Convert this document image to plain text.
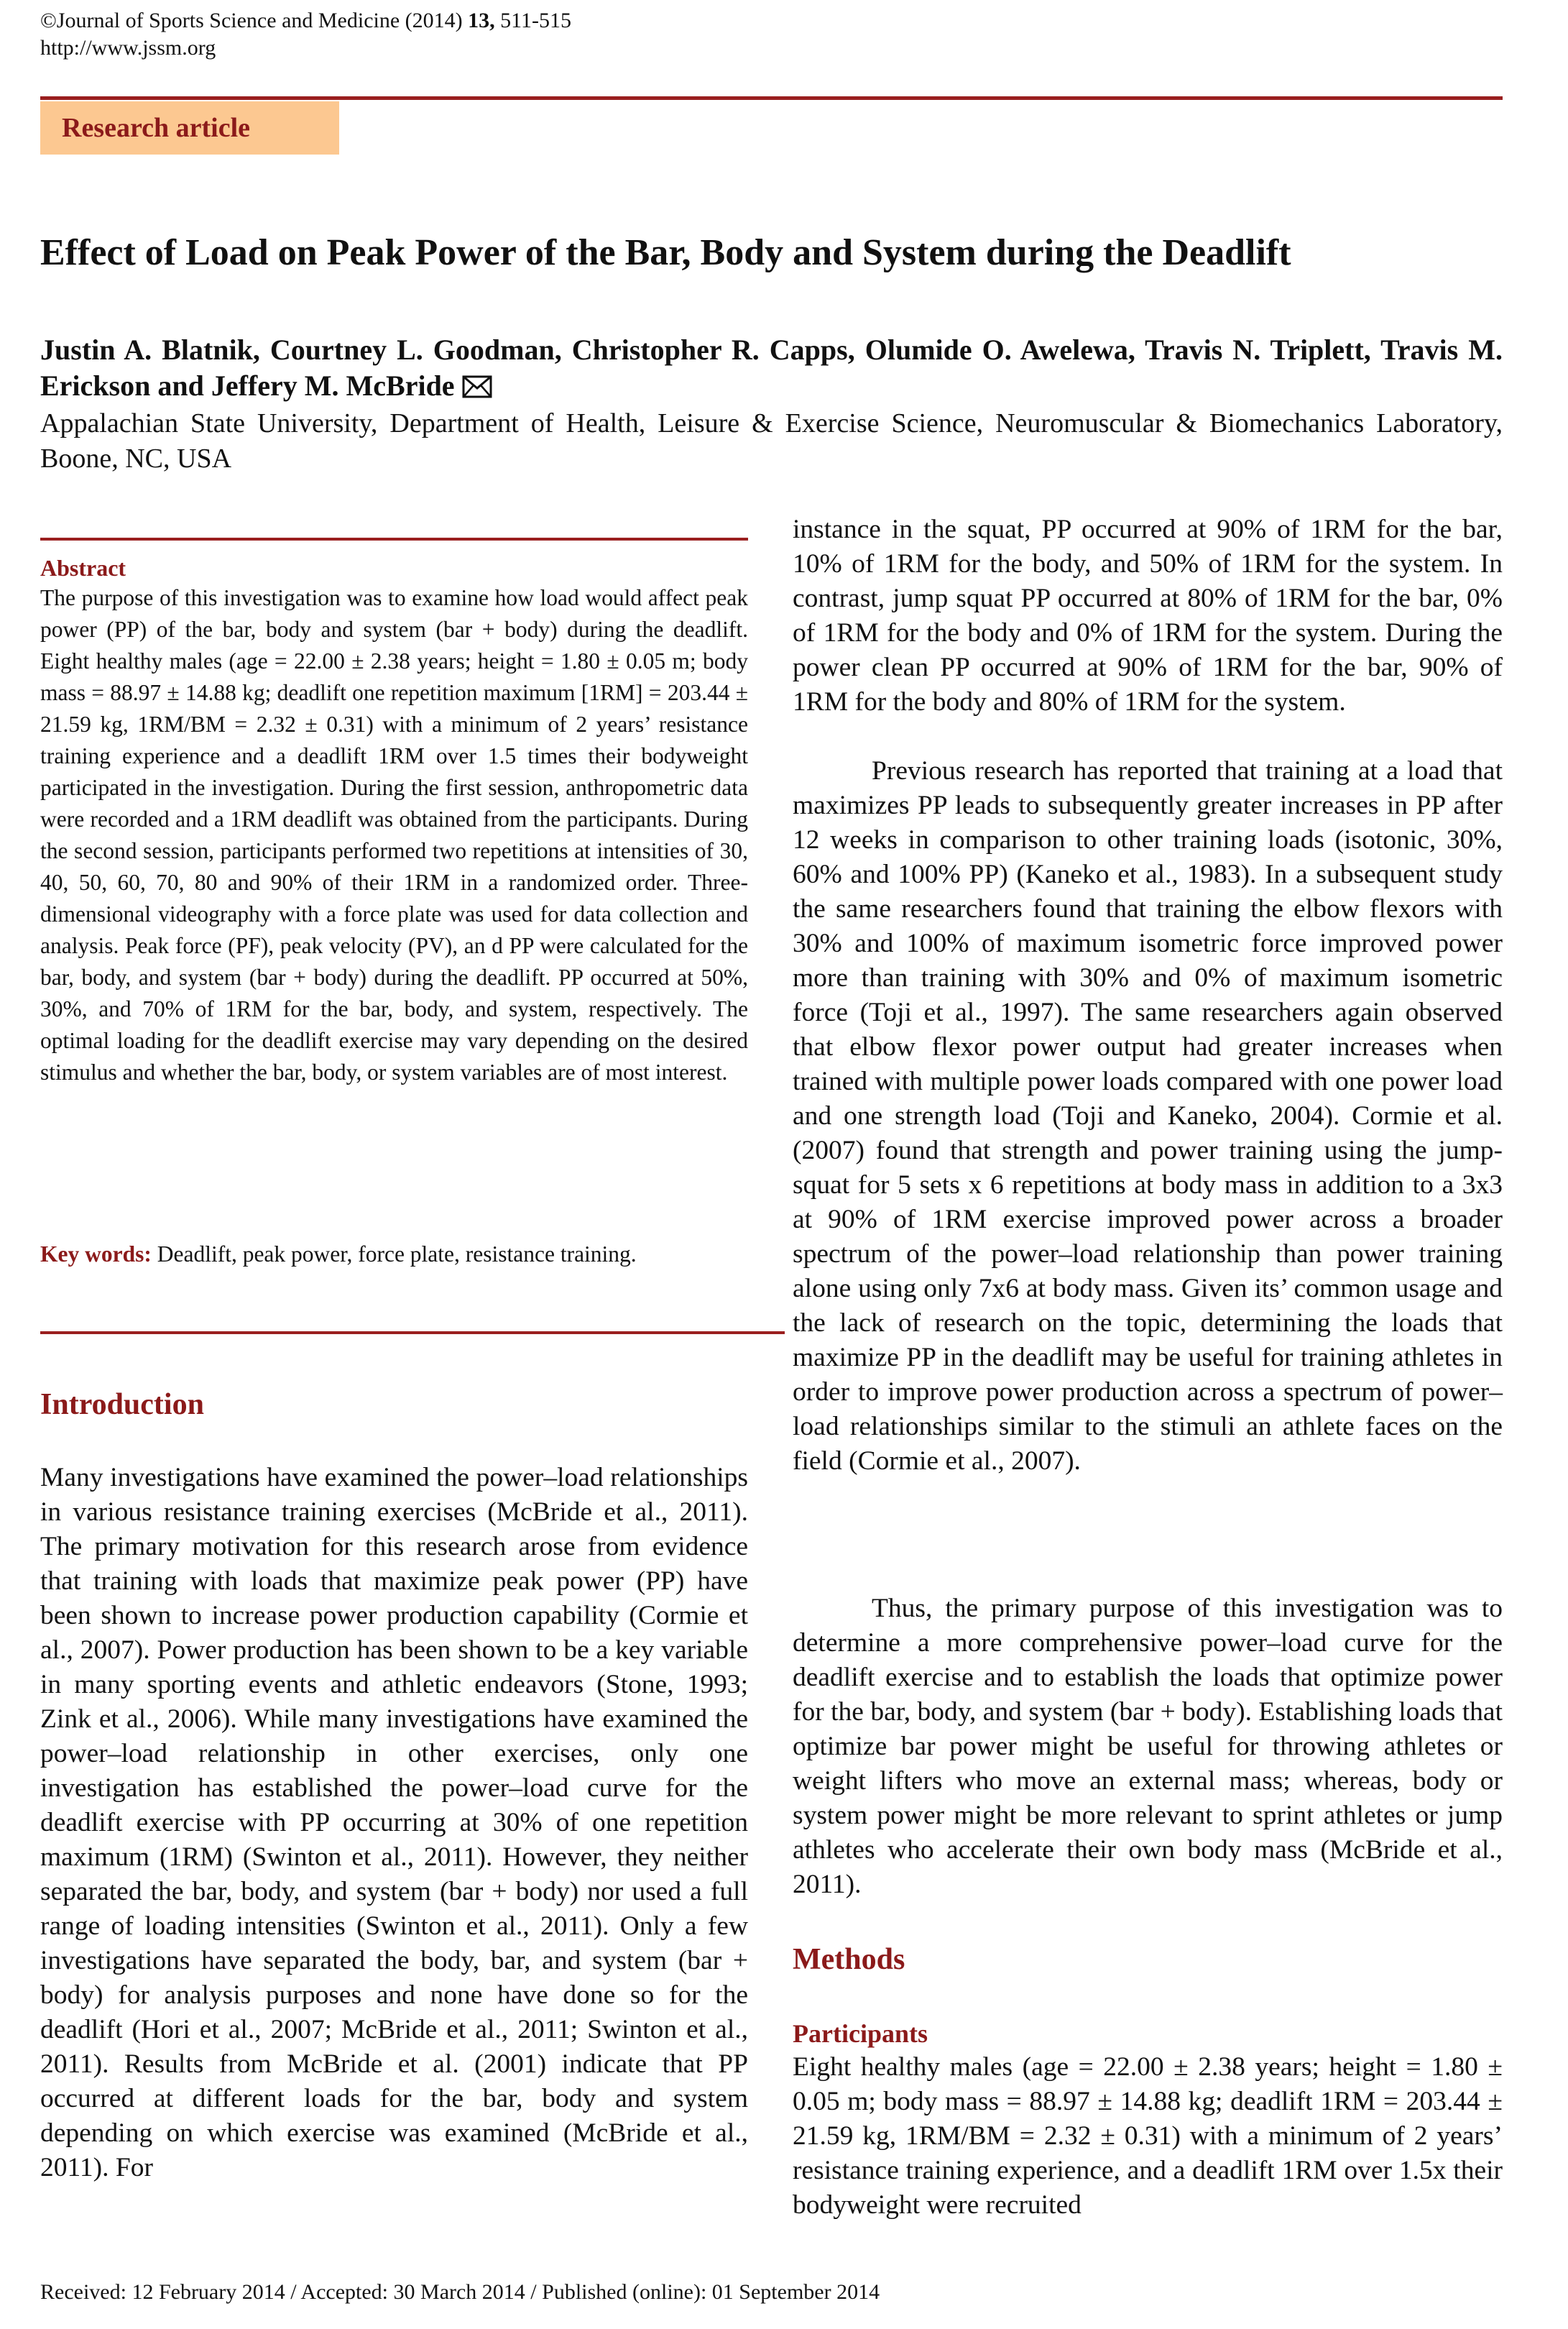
©Journal of Sports Science and Medicine (2014) 13, 511-515
http://www.jssm.org
Research article
Effect of Load on Peak Power of the Bar, Body and System during the Deadlift

Justin A. Blatnik, Courtney L. Goodman, Christopher R. Capps, Olumide O. Awelewa, Travis N. Triplett, Travis M. Erickson and Jeffery M. McBride

Appalachian State University, Department of Health, Leisure & Exercise Science, Neuromuscular & Biomechanics Laboratory, Boone, NC, USA

Abstract

The purpose of this investigation was to examine how load would affect peak power (PP) of the bar, body and system (bar + body) during the deadlift. Eight healthy males (age = 22.00 ± 2.38 years; height = 1.80 ± 0.05 m; body mass = 88.97 ± 14.88 kg; deadlift one repetition maximum [1RM] = 203.44 ± 21.59 kg, 1RM/BM = 2.32 ± 0.31) with a minimum of 2 years’ resistance training experience and a deadlift 1RM over 1.5 times their bodyweight participated in the investigation. During the first session, anthropometric data were recorded and a 1RM deadlift was obtained from the participants. During the second session, participants performed two repetitions at intensities of 30, 40, 50, 60, 70, 80 and 90% of their 1RM in a randomized order. Three-dimensional videography with a force plate was used for data collection and analysis. Peak force (PF), peak velocity (PV), an d PP were calculated for the bar, body, and system (bar + body) during the deadlift. PP occurred at 50%, 30%, and 70% of 1RM for the bar, body, and system, respectively. The optimal loading for the deadlift exercise may vary depending on the desired stimulus and whether the bar, body, or system variables are of most interest.

Key words: Deadlift, peak power, force plate, resistance training.

Introduction

Many investigations have examined the power–load relationships in various resistance training exercises (McBride et al., 2011). The primary motivation for this research arose from evidence that training with loads that maximize peak power (PP) have been shown to increase power production capability (Cormie et al., 2007). Power production has been shown to be a key variable in many sporting events and athletic endeavors (Stone, 1993; Zink et al., 2006). While many investigations have examined the power–load relationship in other exercises, only one investigation has established the power–load curve for the deadlift exercise with PP occurring at 30% of one repetition maximum (1RM) (Swinton et al., 2011). However, they neither separated the bar, body, and system (bar + body) nor used a full range of loading intensities (Swinton et al., 2011). Only a few investigations have separated the body, bar, and system (bar + body) for analysis purposes and none have done so for the deadlift (Hori et al., 2007; McBride et al., 2011; Swinton et al., 2011). Results from McBride et al. (2001) indicate that PP occurred at different loads for the bar, body and system depending on which exercise was examined (McBride et al., 2011). For

instance in the squat, PP occurred at 90% of 1RM for the bar, 10% of 1RM for the body, and 50% of 1RM for the system. In contrast, jump squat PP occurred at 80% of 1RM for the bar, 0% of 1RM for the body and 0% of 1RM for the system. During the power clean PP occurred at 90% of 1RM for the bar, 90% of 1RM for the body and 80% of 1RM for the system.

Previous research has reported that training at a load that maximizes PP leads to subsequently greater increases in PP after 12 weeks in comparison to other training loads (isotonic, 30%, 60% and 100% PP) (Kaneko et al., 1983). In a subsequent study the same researchers found that training the elbow flexors with 30% and 100% of maximum isometric force improved power more than training with 30% and 0% of maximum isometric force (Toji et al., 1997). The same researchers again observed that elbow flexor power output had greater increases when trained with multiple power loads compared with one power load and one strength load (Toji and Kaneko, 2004). Cormie et al. (2007) found that strength and power training using the jump-squat for 5 sets x 6 repetitions at body mass in addition to a 3x3 at 90% of 1RM exercise improved power across a broader spectrum of the power–load relationship than power training alone using only 7x6 at body mass. Given its’ common usage and the lack of research on the topic, determining the loads that maximize PP in the deadlift may be useful for training athletes in order to improve power production across a spectrum of power–load relationships similar to the stimuli an athlete faces on the field (Cormie et al., 2007).

Thus, the primary purpose of this investigation was to determine a more comprehensive power–load curve for the deadlift exercise and to establish the loads that optimize power for the bar, body, and system (bar + body). Establishing loads that optimize bar power might be useful for throwing athletes or weight lifters who move an external mass; whereas, body or system power might be more relevant to sprint athletes or jump athletes who accelerate their own body mass (McBride et al., 2011).

Methods
Participants

Eight healthy males (age = 22.00 ± 2.38 years; height = 1.80 ± 0.05 m; body mass = 88.97 ± 14.88 kg; deadlift 1RM = 203.44 ± 21.59 kg, 1RM/BM = 2.32 ± 0.31) with a minimum of 2 years’ resistance training experience, and a deadlift 1RM over 1.5x their bodyweight were recruited

Received: 12 February 2014 / Accepted: 30 March 2014 / Published (online): 01 September 2014
